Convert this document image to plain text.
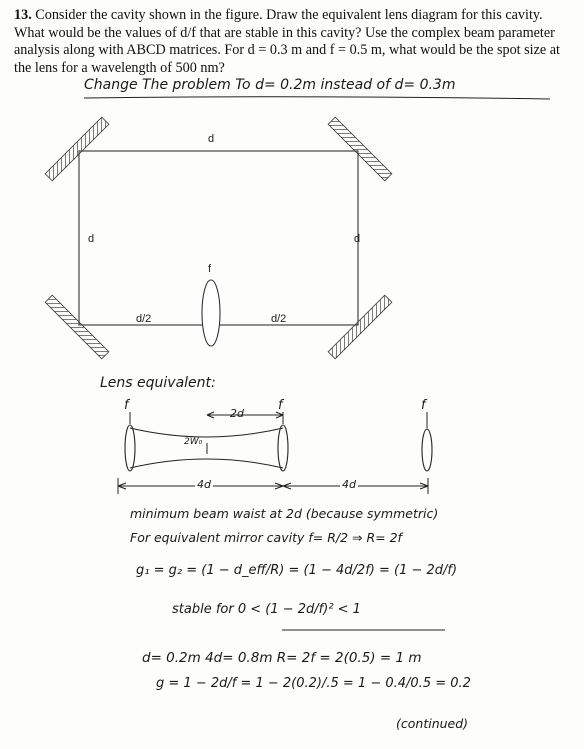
13. Consider the cavity shown in the figure. Draw the equivalent lens diagram for this cavity. What would be the values of d/f that are stable in this cavity? Use the complex beam parameter analysis along with ABCD matrices. For d = 0.3 m and f = 0.5 m, what would be the spot size at the lens for a wavelength of 500 nm?
Change The problem To d= 0.2m instead of d= 0.3m
d
d	d
f
d/2	d/2
Lens equivalent:
f	f	f
2d
2W₀
4d	4d
minimum beam waist at 2d (because symmetric)
For equivalent mirror cavity f= R/2 ⇒ R= 2f
g₁ = g₂ = (1 − d_eff/R) = (1 − 4d/2f) = (1 − 2d/f)
stable for 0 < (1 − 2d/f)² < 1
d= 0.2m 4d= 0.8m R= 2f = 2(0.5) = 1 m
g = 1 − 2d/f = 1 − 2(0.2)/.5 = 1 − 0.4/0.5 = 0.2
(continued)
